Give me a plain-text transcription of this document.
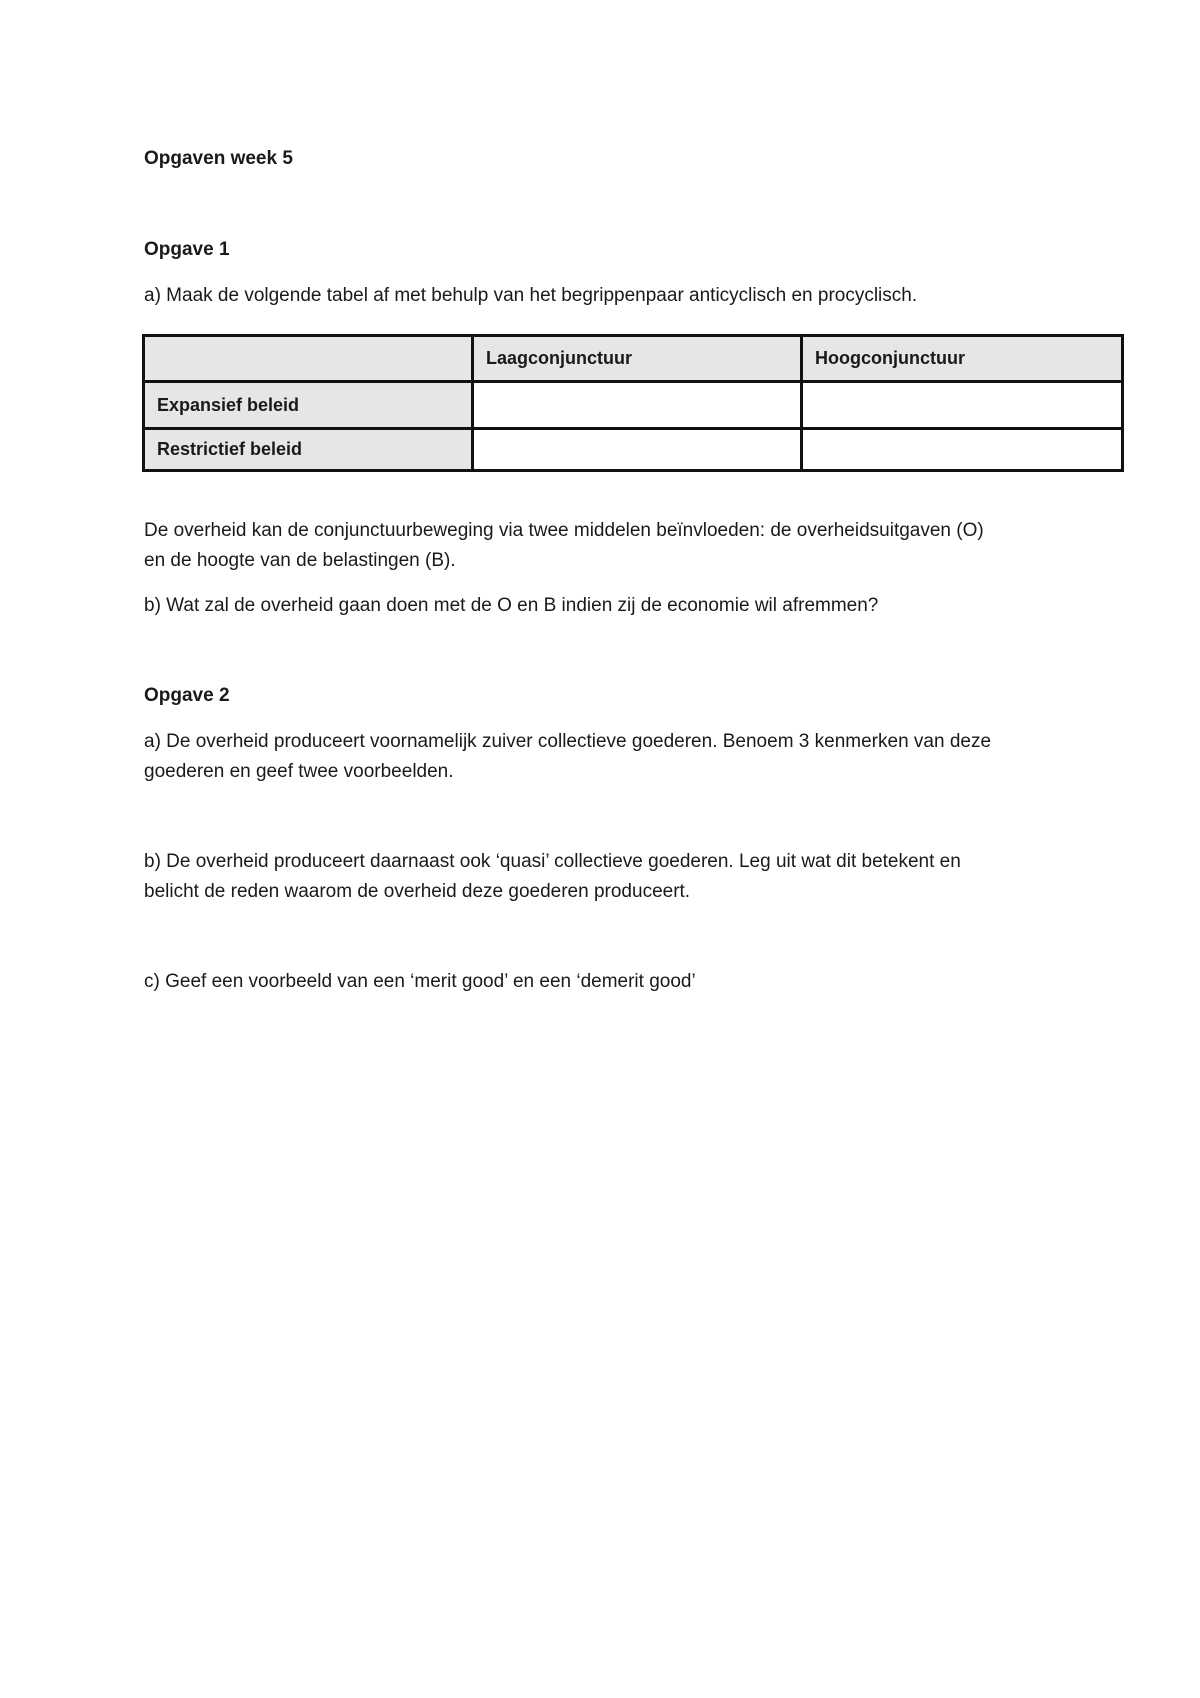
Opgaven week 5
Opgave 1
a) Maak de volgende tabel af met behulp van het begrippenpaar anticyclisch en procyclisch.
Laagconjunctuur	Hoogconjunctuur
Expansief beleid
Restrictief beleid
De overheid kan de conjunctuurbeweging via twee middelen beïnvloeden: de overheidsuitgaven (O)
en de hoogte van de belastingen (B).
b) Wat zal de overheid gaan doen met de O en B indien zij de economie wil afremmen?
Opgave 2
a) De overheid produceert voornamelijk zuiver collectieve goederen. Benoem 3 kenmerken van deze
goederen en geef twee voorbeelden.
b) De overheid produceert daarnaast ook ‘quasi’ collectieve goederen. Leg uit wat dit betekent en
belicht de reden waarom de overheid deze goederen produceert.
c) Geef een voorbeeld van een ‘merit good’ en een ‘demerit good’
